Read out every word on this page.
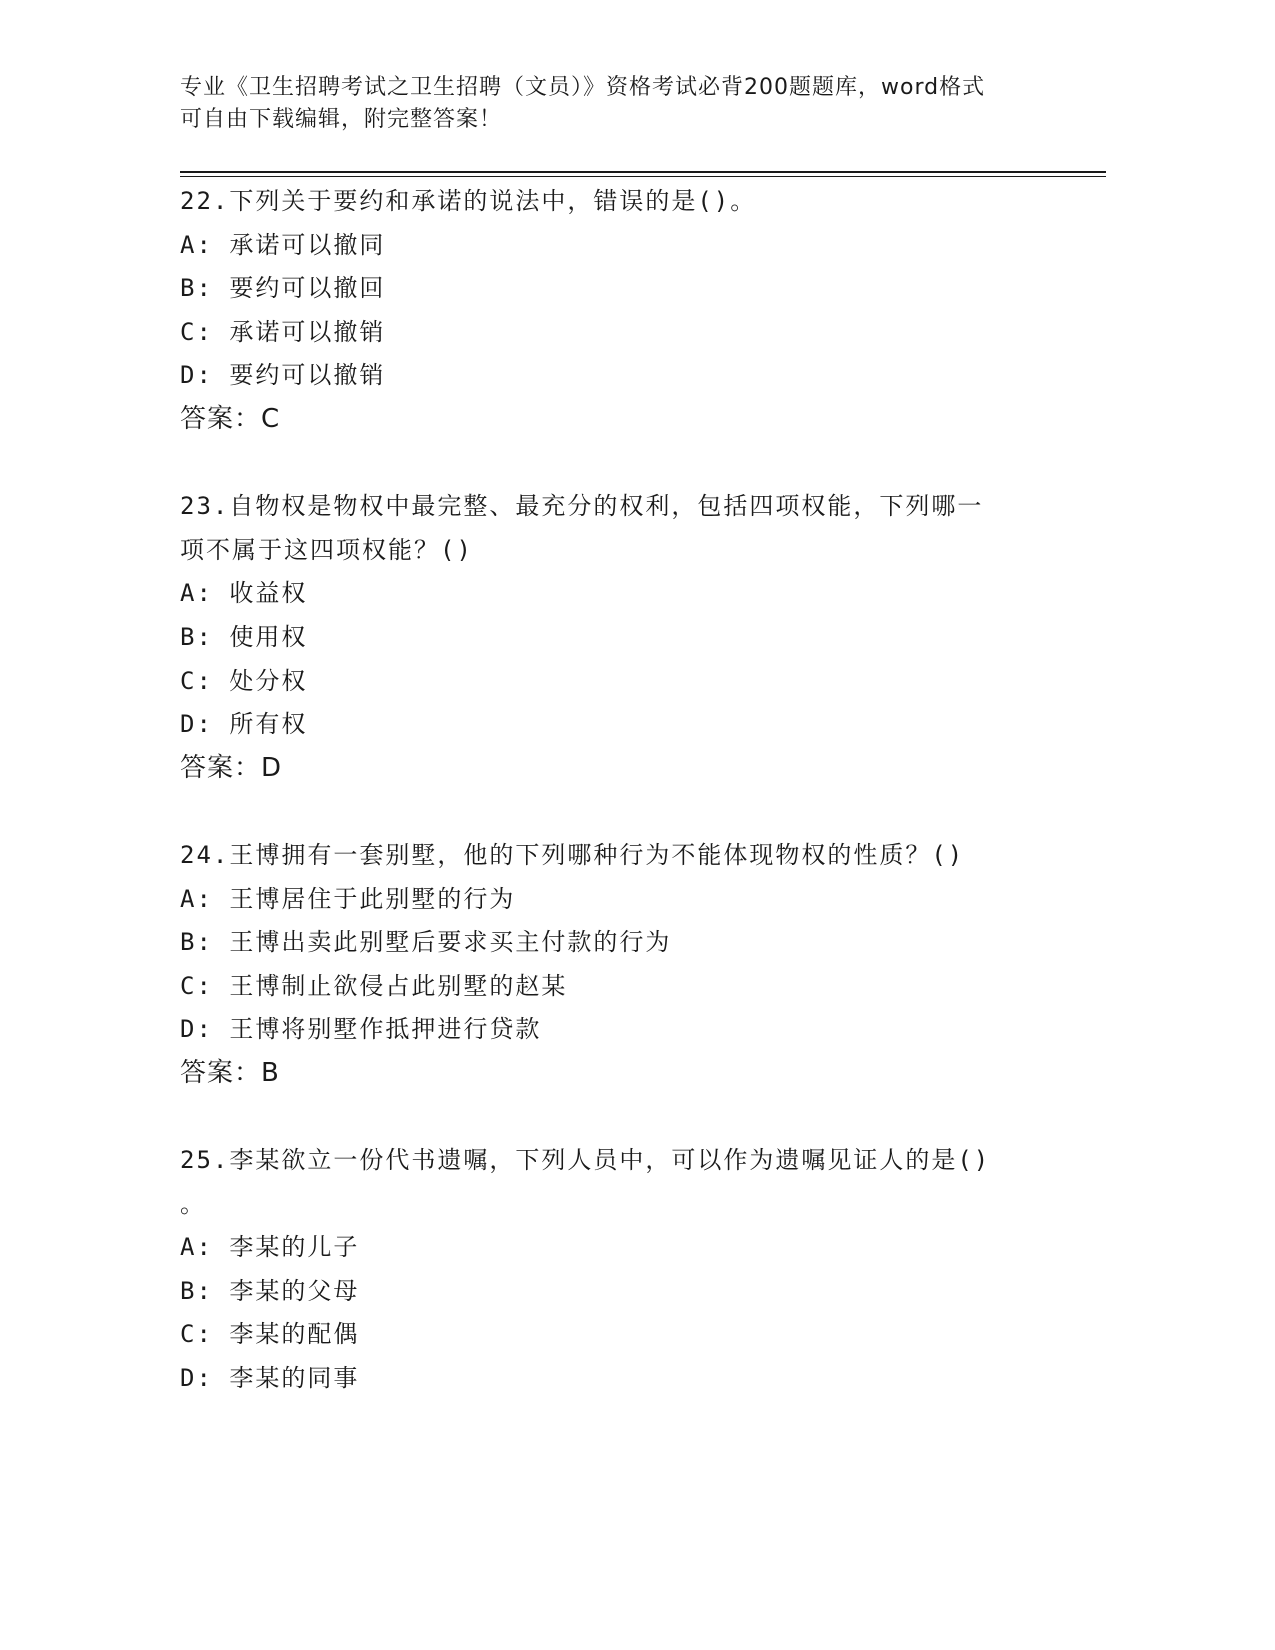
专业《卫生招聘考试之卫生招聘（文员）》资格考试必背200题题库，word格式
可自由下载编辑，附完整答案！
22.下列关于要约和承诺的说法中，错误的是()。
A: 承诺可以撤同
B: 要约可以撤回
C: 承诺可以撤销
D: 要约可以撤销
答案：C
23.自物权是物权中最完整、最充分的权利，包括四项权能，下列哪一
项不属于这四项权能？()
A: 收益权
B: 使用权
C: 处分权
D: 所有权
答案：D
24.王博拥有一套别墅，他的下列哪种行为不能体现物权的性质？()
A: 王博居住于此别墅的行为
B: 王博出卖此别墅后要求买主付款的行为
C: 王博制止欲侵占此别墅的赵某
D: 王博将别墅作抵押进行贷款
答案：B
25.李某欲立一份代书遗嘱，下列人员中，可以作为遗嘱见证人的是()
。
A: 李某的儿子
B: 李某的父母
C: 李某的配偶
D: 李某的同事
